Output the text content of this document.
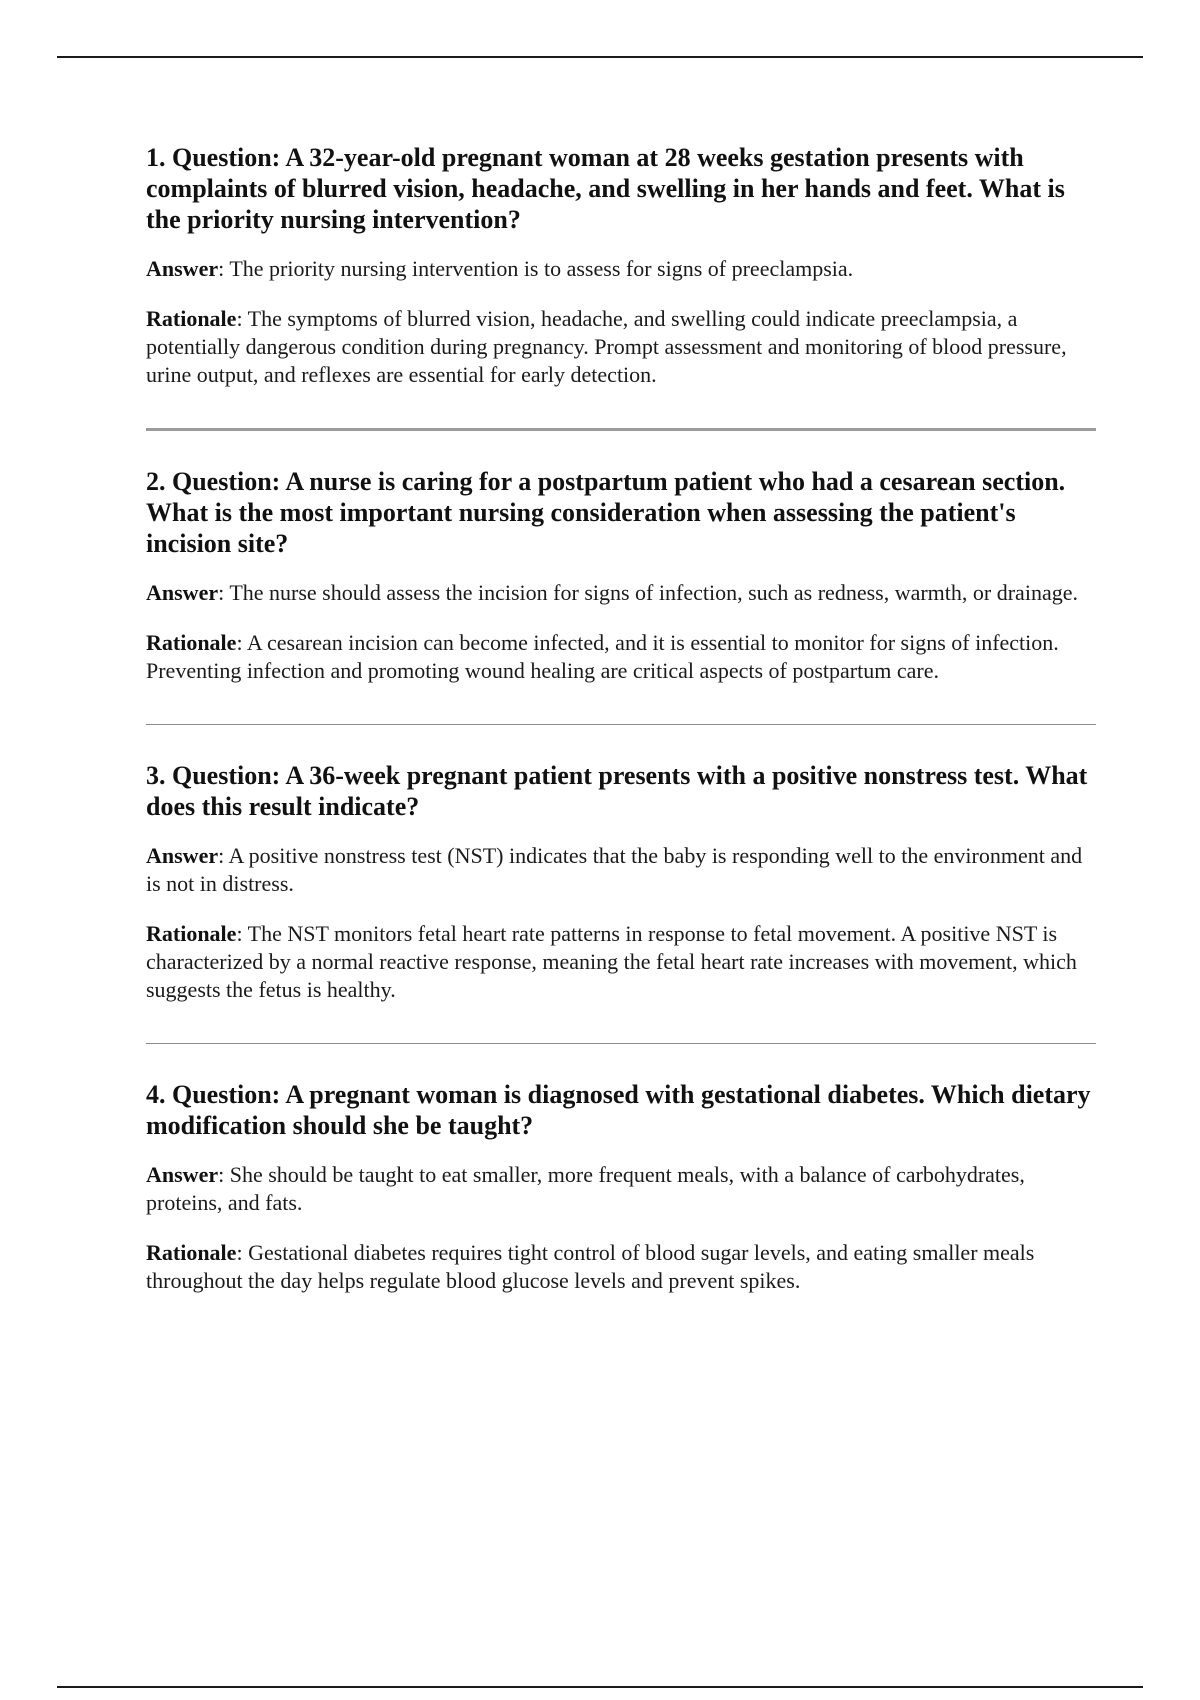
1. Question: A 32-year-old pregnant woman at 28 weeks gestation presents with complaints of blurred vision, headache, and swelling in her hands and feet. What is the priority nursing intervention?

Answer: The priority nursing intervention is to assess for signs of preeclampsia.

Rationale: The symptoms of blurred vision, headache, and swelling could indicate preeclampsia, a potentially dangerous condition during pregnancy. Prompt assessment and monitoring of blood pressure, urine output, and reflexes are essential for early detection.

2. Question: A nurse is caring for a postpartum patient who had a cesarean section. What is the most important nursing consideration when assessing the patient's incision site?

Answer: The nurse should assess the incision for signs of infection, such as redness, warmth, or drainage.

Rationale: A cesarean incision can become infected, and it is essential to monitor for signs of infection. Preventing infection and promoting wound healing are critical aspects of postpartum care.

3. Question: A 36-week pregnant patient presents with a positive nonstress test. What does this result indicate?

Answer: A positive nonstress test (NST) indicates that the baby is responding well to the environment and is not in distress.

Rationale: The NST monitors fetal heart rate patterns in response to fetal movement. A positive NST is characterized by a normal reactive response, meaning the fetal heart rate increases with movement, which suggests the fetus is healthy.

4. Question: A pregnant woman is diagnosed with gestational diabetes. Which dietary modification should she be taught?

Answer: She should be taught to eat smaller, more frequent meals, with a balance of carbohydrates, proteins, and fats.

Rationale: Gestational diabetes requires tight control of blood sugar levels, and eating smaller meals throughout the day helps regulate blood glucose levels and prevent spikes.
